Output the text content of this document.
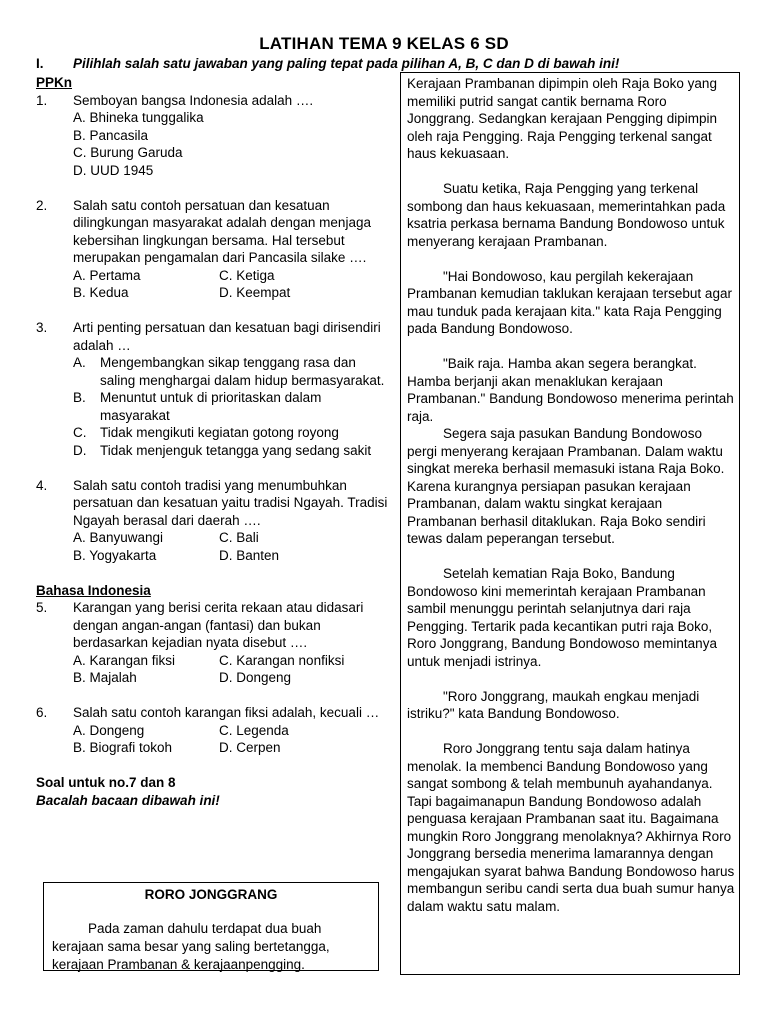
LATIHAN TEMA 9 KELAS 6 SD
I. Pilihlah salah satu jawaban yang paling tepat pada pilihan A, B, C dan D di bawah ini!
PPKn
1. Semboyan bangsa Indonesia adalah ….
A. Bhineka tunggalika
B. Pancasila
C. Burung Garuda
D. UUD 1945
2. Salah satu contoh persatuan dan kesatuan dilingkungan masyarakat adalah dengan menjaga kebersihan lingkungan bersama. Hal tersebut merupakan pengamalan dari Pancasila silake ….
A. Pertama	C. Ketiga
B. Kedua	D. Keempat
3. Arti penting persatuan dan kesatuan bagi dirisendiri adalah …
A. Mengembangkan sikap tenggang rasa dan saling menghargai dalam hidup bermasyarakat.
B. Menuntut untuk di prioritaskan dalam masyarakat
C. Tidak mengikuti kegiatan gotong royong
D. Tidak menjenguk tetangga yang sedang sakit
4. Salah satu contoh tradisi yang menumbuhkan persatuan dan kesatuan yaitu tradisi Ngayah. Tradisi Ngayah berasal dari daerah ….
A. Banyuwangi	C. Bali
B. Yogyakarta	D. Banten
Bahasa Indonesia
5. Karangan yang berisi cerita rekaan atau didasari dengan angan-angan (fantasi) dan bukan berdasarkan kejadian nyata disebut ….
A. Karangan fiksi	C. Karangan nonfiksi
B. Majalah	D. Dongeng
6. Salah satu contoh karangan fiksi adalah, kecuali …
A. Dongeng	C. Legenda
B. Biografi tokoh	D. Cerpen
Soal untuk no.7 dan 8
Bacalah bacaan dibawah ini!
RORO JONGGRANG
Pada zaman dahulu terdapat dua buah kerajaan sama besar yang saling bertetangga, kerajaan Prambanan & kerajaanpengging.

Kerajaan Prambanan dipimpin oleh Raja Boko yang memiliki putrid sangat cantik bernama Roro Jonggrang. Sedangkan kerajaan Pengging dipimpin oleh raja Pengging. Raja Pengging terkenal sangat haus kekuasaan.

Suatu ketika, Raja Pengging yang terkenal sombong dan haus kekuasaan, memerintahkan pada ksatria perkasa bernama Bandung Bondowoso untuk menyerang kerajaan Prambanan.

"Hai Bondowoso, kau pergilah kekerajaan Prambanan kemudian taklukan kerajaan tersebut agar mau tunduk pada kerajaan kita." kata Raja Pengging pada Bandung Bondowoso.

"Baik raja. Hamba akan segera berangkat. Hamba berjanji akan menaklukan kerajaan Prambanan." Bandung Bondowoso menerima perintah raja.

Segera saja pasukan Bandung Bondowoso pergi menyerang kerajaan Prambanan. Dalam waktu singkat mereka berhasil memasuki istana Raja Boko. Karena kurangnya persiapan pasukan kerajaan Prambanan, dalam waktu singkat kerajaan Prambanan berhasil ditaklukan. Raja Boko sendiri tewas dalam peperangan tersebut.

Setelah kematian Raja Boko, Bandung Bondowoso kini memerintah kerajaan Prambanan sambil menunggu perintah selanjutnya dari raja Pengging. Tertarik pada kecantikan putri raja Boko, Roro Jonggrang, Bandung Bondowoso memintanya untuk menjadi istrinya.

"Roro Jonggrang, maukah engkau menjadi istriku?" kata Bandung Bondowoso.

Roro Jonggrang tentu saja dalam hatinya menolak. Ia membenci Bandung Bondowoso yang sangat sombong & telah membunuh ayahandanya. Tapi bagaimanapun Bandung Bondowoso adalah penguasa kerajaan Prambanan saat itu. Bagaimana mungkin Roro Jonggrang menolaknya? Akhirnya Roro Jonggrang bersedia menerima lamarannya dengan mengajukan syarat bahwa Bandung Bondowoso harus membangun seribu candi serta dua buah sumur hanya dalam waktu satu malam.
